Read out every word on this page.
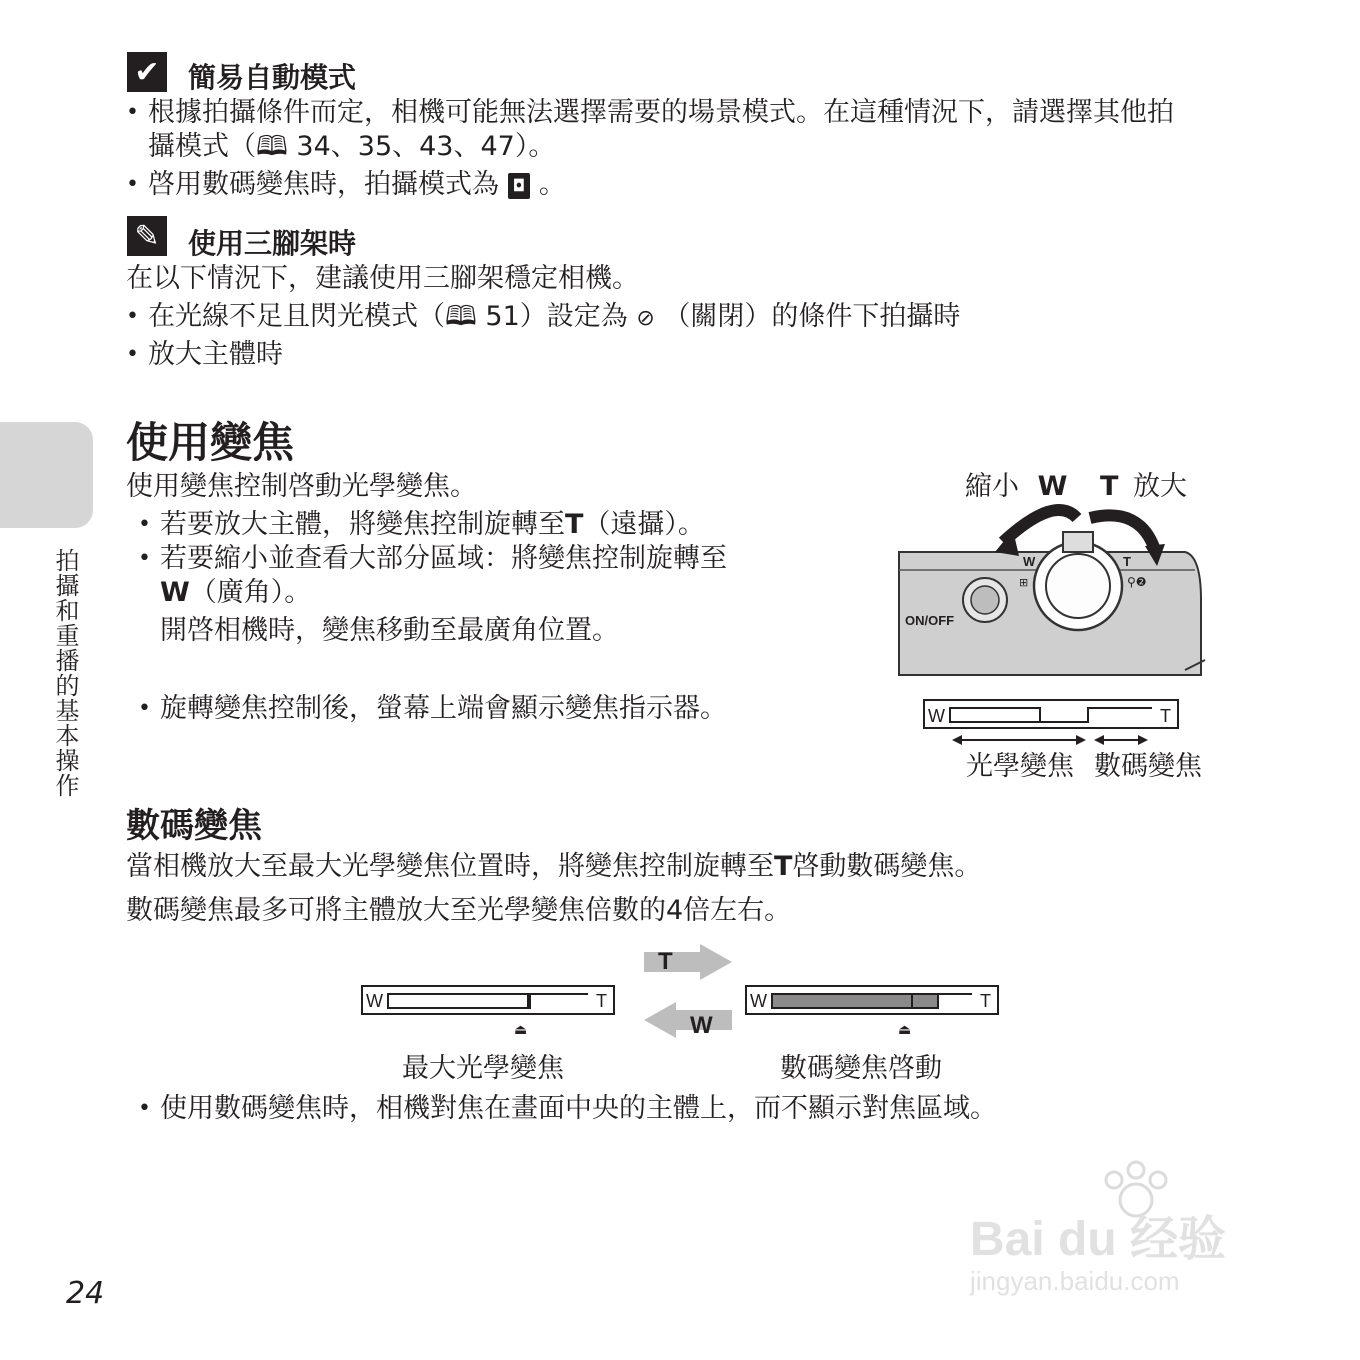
拍攝和重播的基本操作
✔ 簡易自動模式
• 根據拍攝條件而定，相機可能無法選擇需要的場景模式。在這種情況下，請選擇其他拍
攝模式（🕮 34、35、43、47）。
• 啓用數碼變焦時，拍攝模式為 ◘ 。
✎ 使用三腳架時
在以下情況下，建議使用三腳架穩定相機。
• 在光線不足且閃光模式（🕮 51）設定為 ⊘ （關閉）的條件下拍攝時
• 放大主體時
使用變焦
使用變焦控制啓動光學變焦。
• 若要放大主體，將變焦控制旋轉至T（遠攝）。
• 若要縮小並查看大部分區域：將變焦控制旋轉至
W（廣角）。
開啓相機時，變焦移動至最廣角位置。
• 旋轉變焦控制後，螢幕上端會顯示變焦指示器。
縮小 W T 放大
W	T
⊞	⚲❷
ON/OFF
W	T
光學變焦 數碼變焦
數碼變焦
當相機放大至最大光學變焦位置時，將變焦控制旋轉至T啓動數碼變焦。
數碼變焦最多可將主體放大至光學變焦倍數的4倍左右。
W	T
⏏
W	T
⏏
T
W
最大光學變焦	數碼變焦啓動
• 使用數碼變焦時，相機對焦在畫面中央的主體上，而不顯示對焦區域。
24
Bai du 经验
jingyan.baidu.com
